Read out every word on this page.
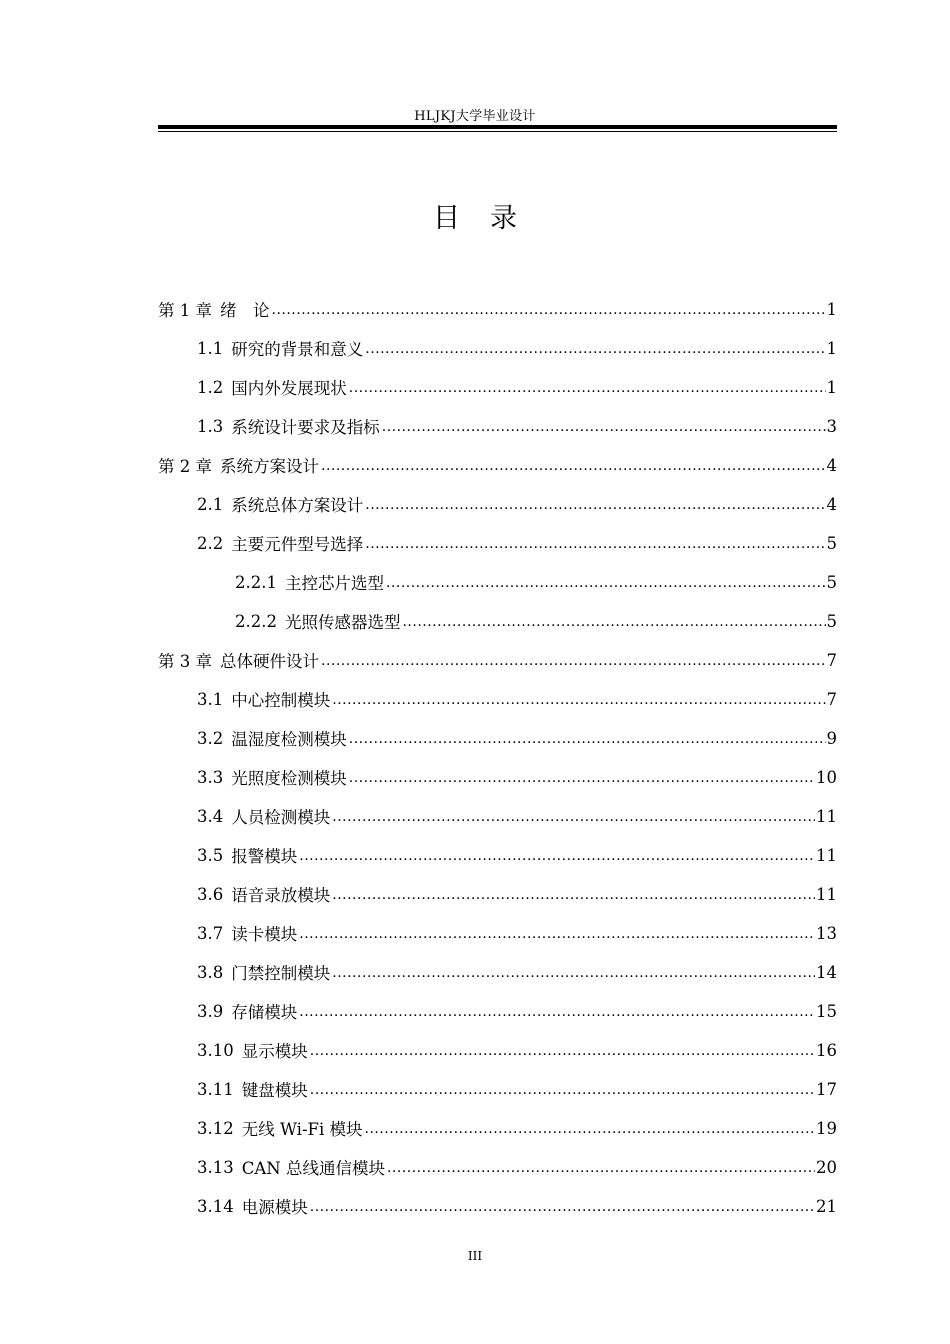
HLJKJ大学毕业设计
目录
第 1 章 绪　论 .....	1
1.1 研究的背景和意义 .....	1
1.2 国内外发展现状 .....	1
1.3 系统设计要求及指标 .....	3
第 2 章 系统方案设计 .....	4
2.1 系统总体方案设计 .....	4
2.2 主要元件型号选择 .....	5
2.2.1 主控芯片选型 .....	5
2.2.2 光照传感器选型 .....	5
第 3 章 总体硬件设计 .....	7
3.1 中心控制模块 .....	7
3.2 温湿度检测模块 .....	9
3.3 光照度检测模块 .....	10
3.4 人员检测模块 .....	11
3.5 报警模块 .....	11
3.6 语音录放模块 .....	11
3.7 读卡模块 .....	13
3.8 门禁控制模块 .....	14
3.9 存储模块 .....	15
3.10 显示模块 .....	16
3.11 键盘模块 .....	17
3.12 无线 Wi-Fi 模块 .....	19
3.13 CAN 总线通信模块 .....	20
3.14 电源模块 .....	21
III
